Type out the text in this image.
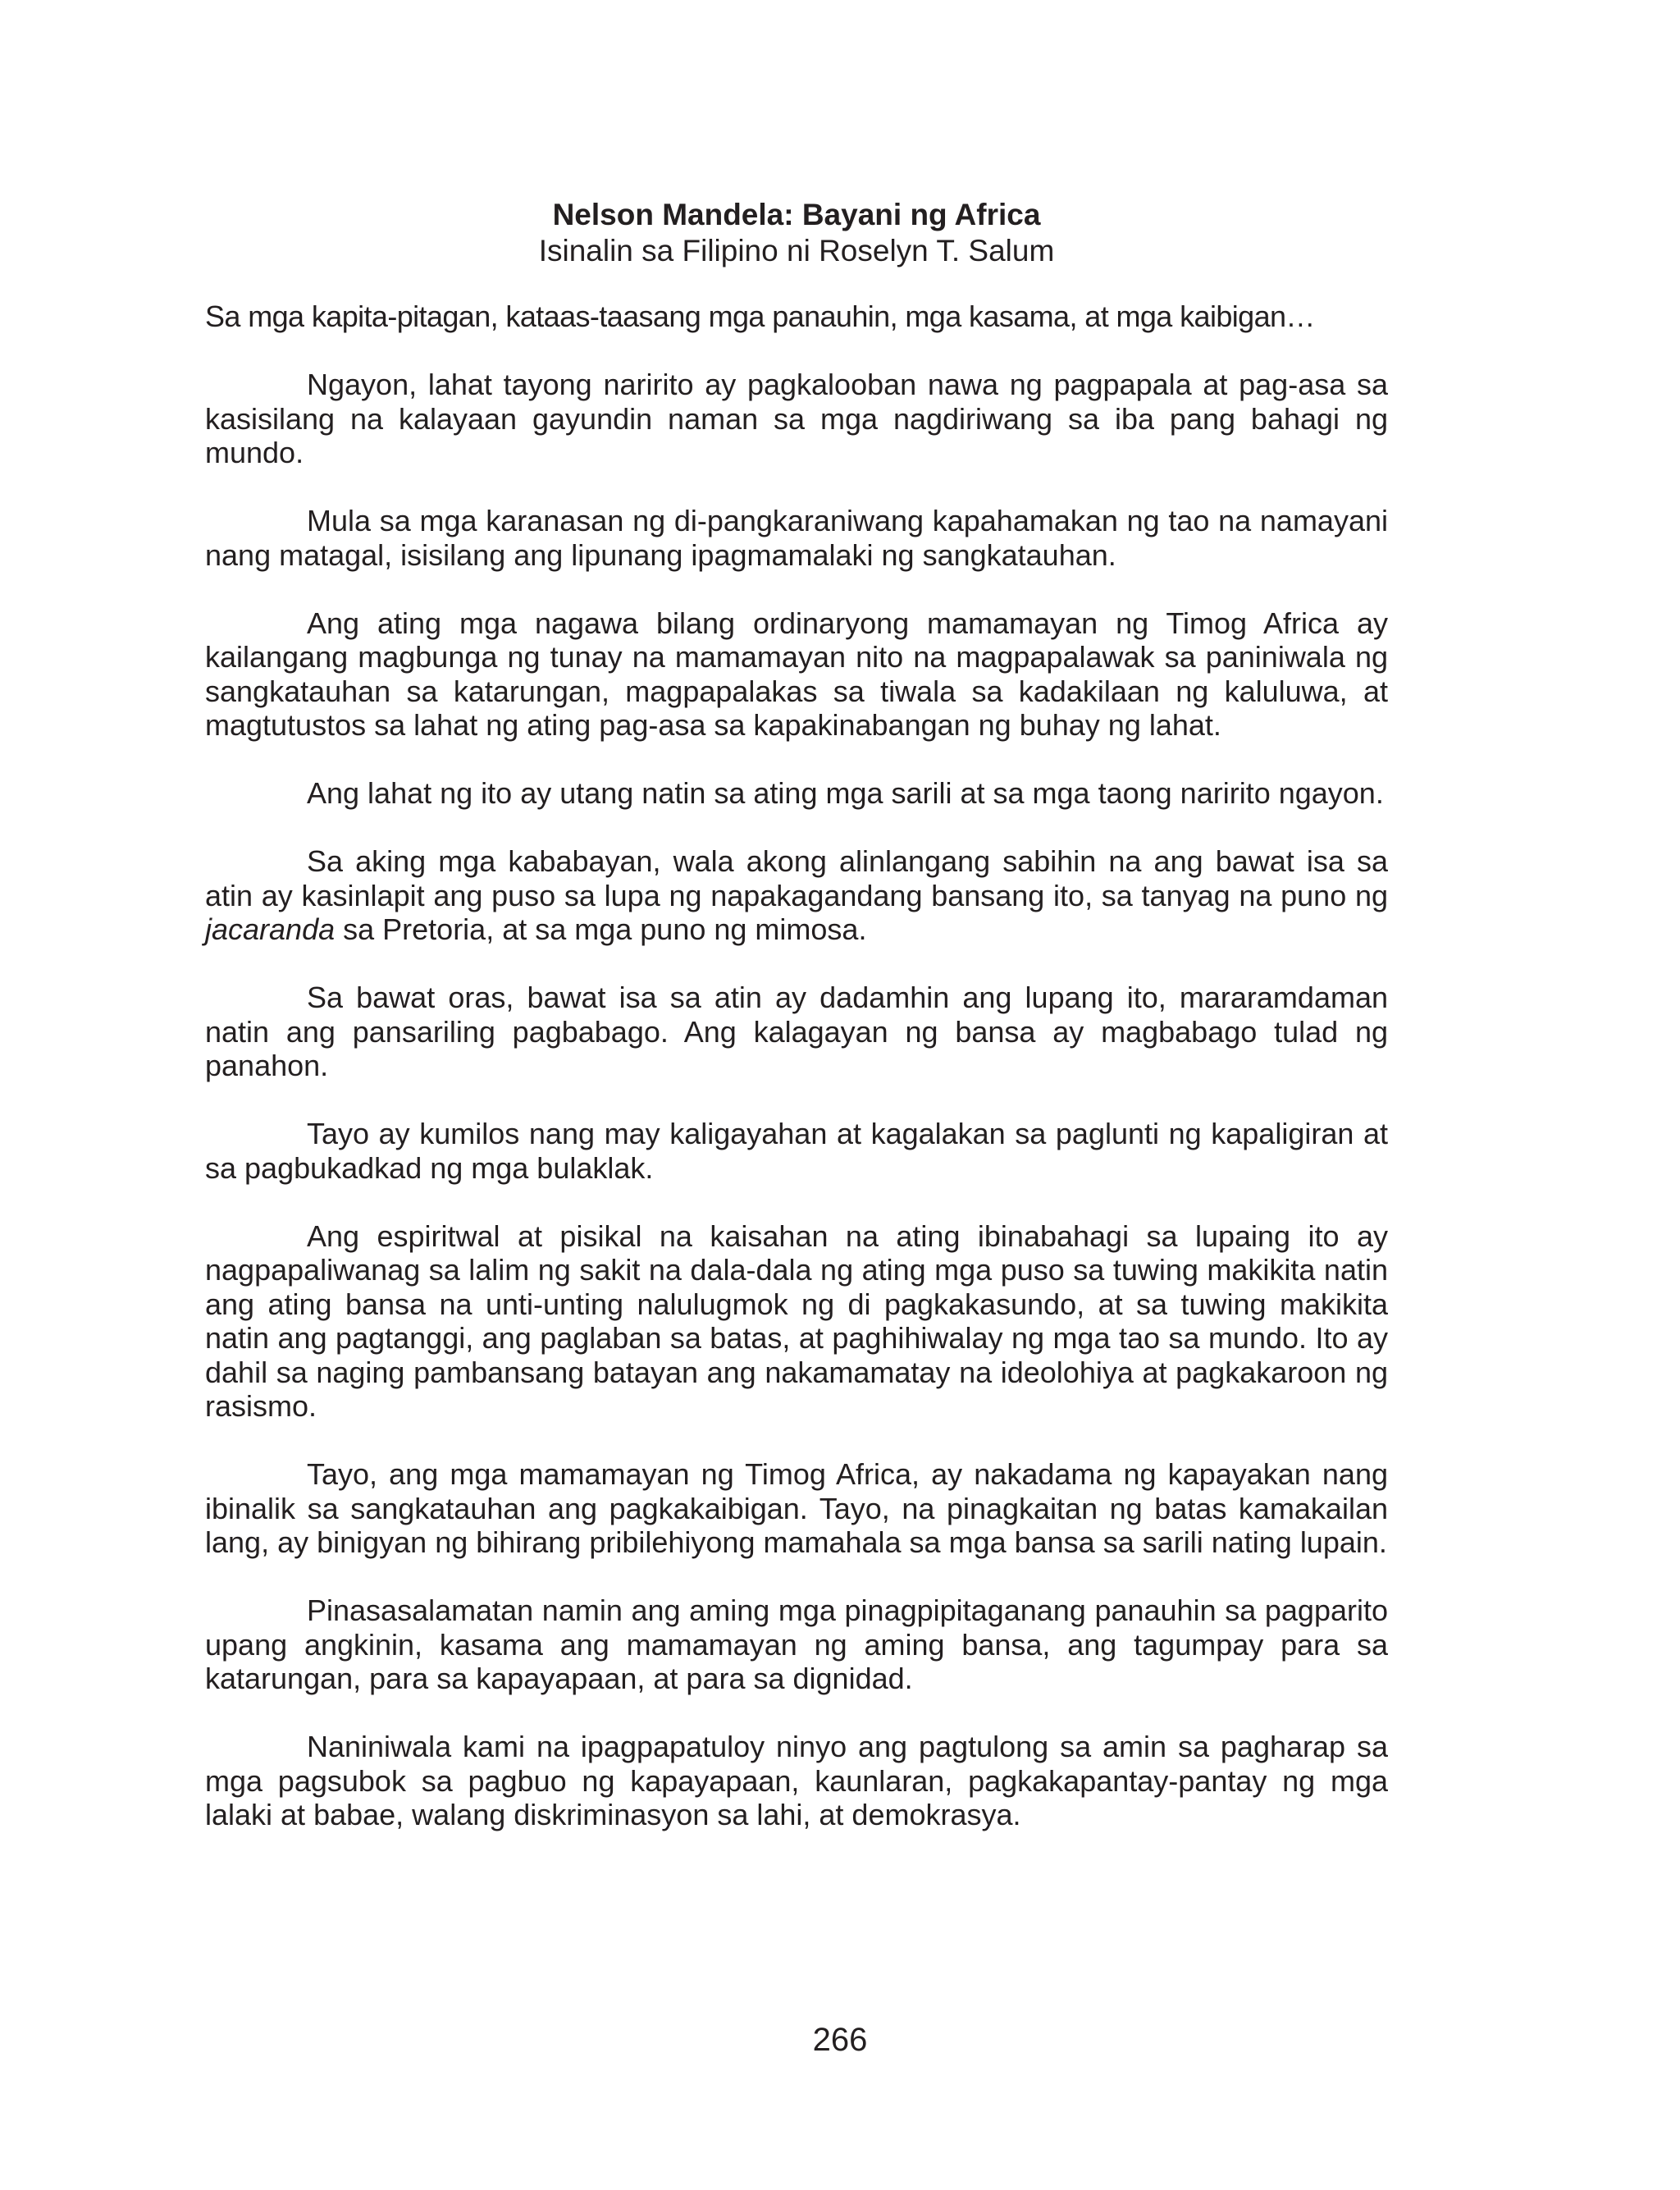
Nelson Mandela: Bayani ng Africa

Isinalin sa Filipino ni Roselyn T. Salum

Sa mga kapita-pitagan, kataas-taasang mga panauhin, mga kasama, at mga kaibigan…

Ngayon, lahat tayong naririto ay pagkalooban nawa ng pagpapala at pag-asa sa kasisilang na kalayaan gayundin naman sa mga nagdiriwang sa iba pang bahagi ng mundo.

Mula sa mga karanasan ng di-pangkaraniwang kapahamakan ng tao na namayani nang matagal, isisilang ang lipunang ipagmamalaki ng sangkatauhan.

Ang ating mga nagawa bilang ordinaryong mamamayan ng Timog Africa ay kailangang magbunga ng tunay na mamamayan nito na magpapalawak sa paniniwala ng sangkatauhan sa katarungan, magpapalakas sa tiwala sa kadakilaan ng kaluluwa, at magtutustos sa lahat ng ating pag-asa sa kapakinabangan ng buhay ng lahat.

Ang lahat ng ito ay utang natin sa ating mga sarili at sa mga taong naririto ngayon.

Sa aking mga kababayan, wala akong alinlangang sabihin na ang bawat isa sa atin ay kasinlapit ang puso sa lupa ng napakagandang bansang ito, sa tanyag na puno ng jacaranda sa Pretoria, at sa mga puno ng mimosa.

Sa bawat oras, bawat isa sa atin ay dadamhin ang lupang ito, mararamdaman natin ang pansariling pagbabago. Ang kalagayan ng bansa ay magbabago tulad ng panahon.

Tayo ay kumilos nang may kaligayahan at kagalakan sa paglunti ng kapaligiran at sa pagbukadkad ng mga bulaklak.

Ang espiritwal at pisikal na kaisahan na ating ibinabahagi sa lupaing ito ay nagpapaliwanag sa lalim ng sakit na dala-dala ng ating mga puso sa tuwing makikita natin ang ating bansa na unti-unting nalulugmok ng di pagkakasundo, at sa tuwing makikita natin ang pagtanggi, ang paglaban sa batas, at paghihiwalay ng mga tao sa mundo. Ito ay dahil sa naging pambansang batayan ang nakamamatay na ideolohiya at pagkakaroon ng rasismo.

Tayo, ang mga mamamayan ng Timog Africa, ay nakadama ng kapayakan nang ibinalik sa sangkatauhan ang pagkakaibigan. Tayo, na pinagkaitan ng batas kamakailan lang, ay binigyan ng bihirang pribilehiyong mamahala sa mga bansa sa sarili nating lupain.

Pinasasalamatan namin ang aming mga pinagpipitaganang panauhin sa pagparito upang angkinin, kasama ang mamamayan ng aming bansa, ang tagumpay para sa katarungan, para sa kapayapaan, at para sa dignidad.

Naniniwala kami na ipagpapatuloy ninyo ang pagtulong sa amin sa pagharap sa mga pagsubok sa pagbuo ng kapayapaan, kaunlaran, pagkakapantay-pantay ng mga lalaki at babae, walang diskriminasyon sa lahi, at demokrasya.

266
